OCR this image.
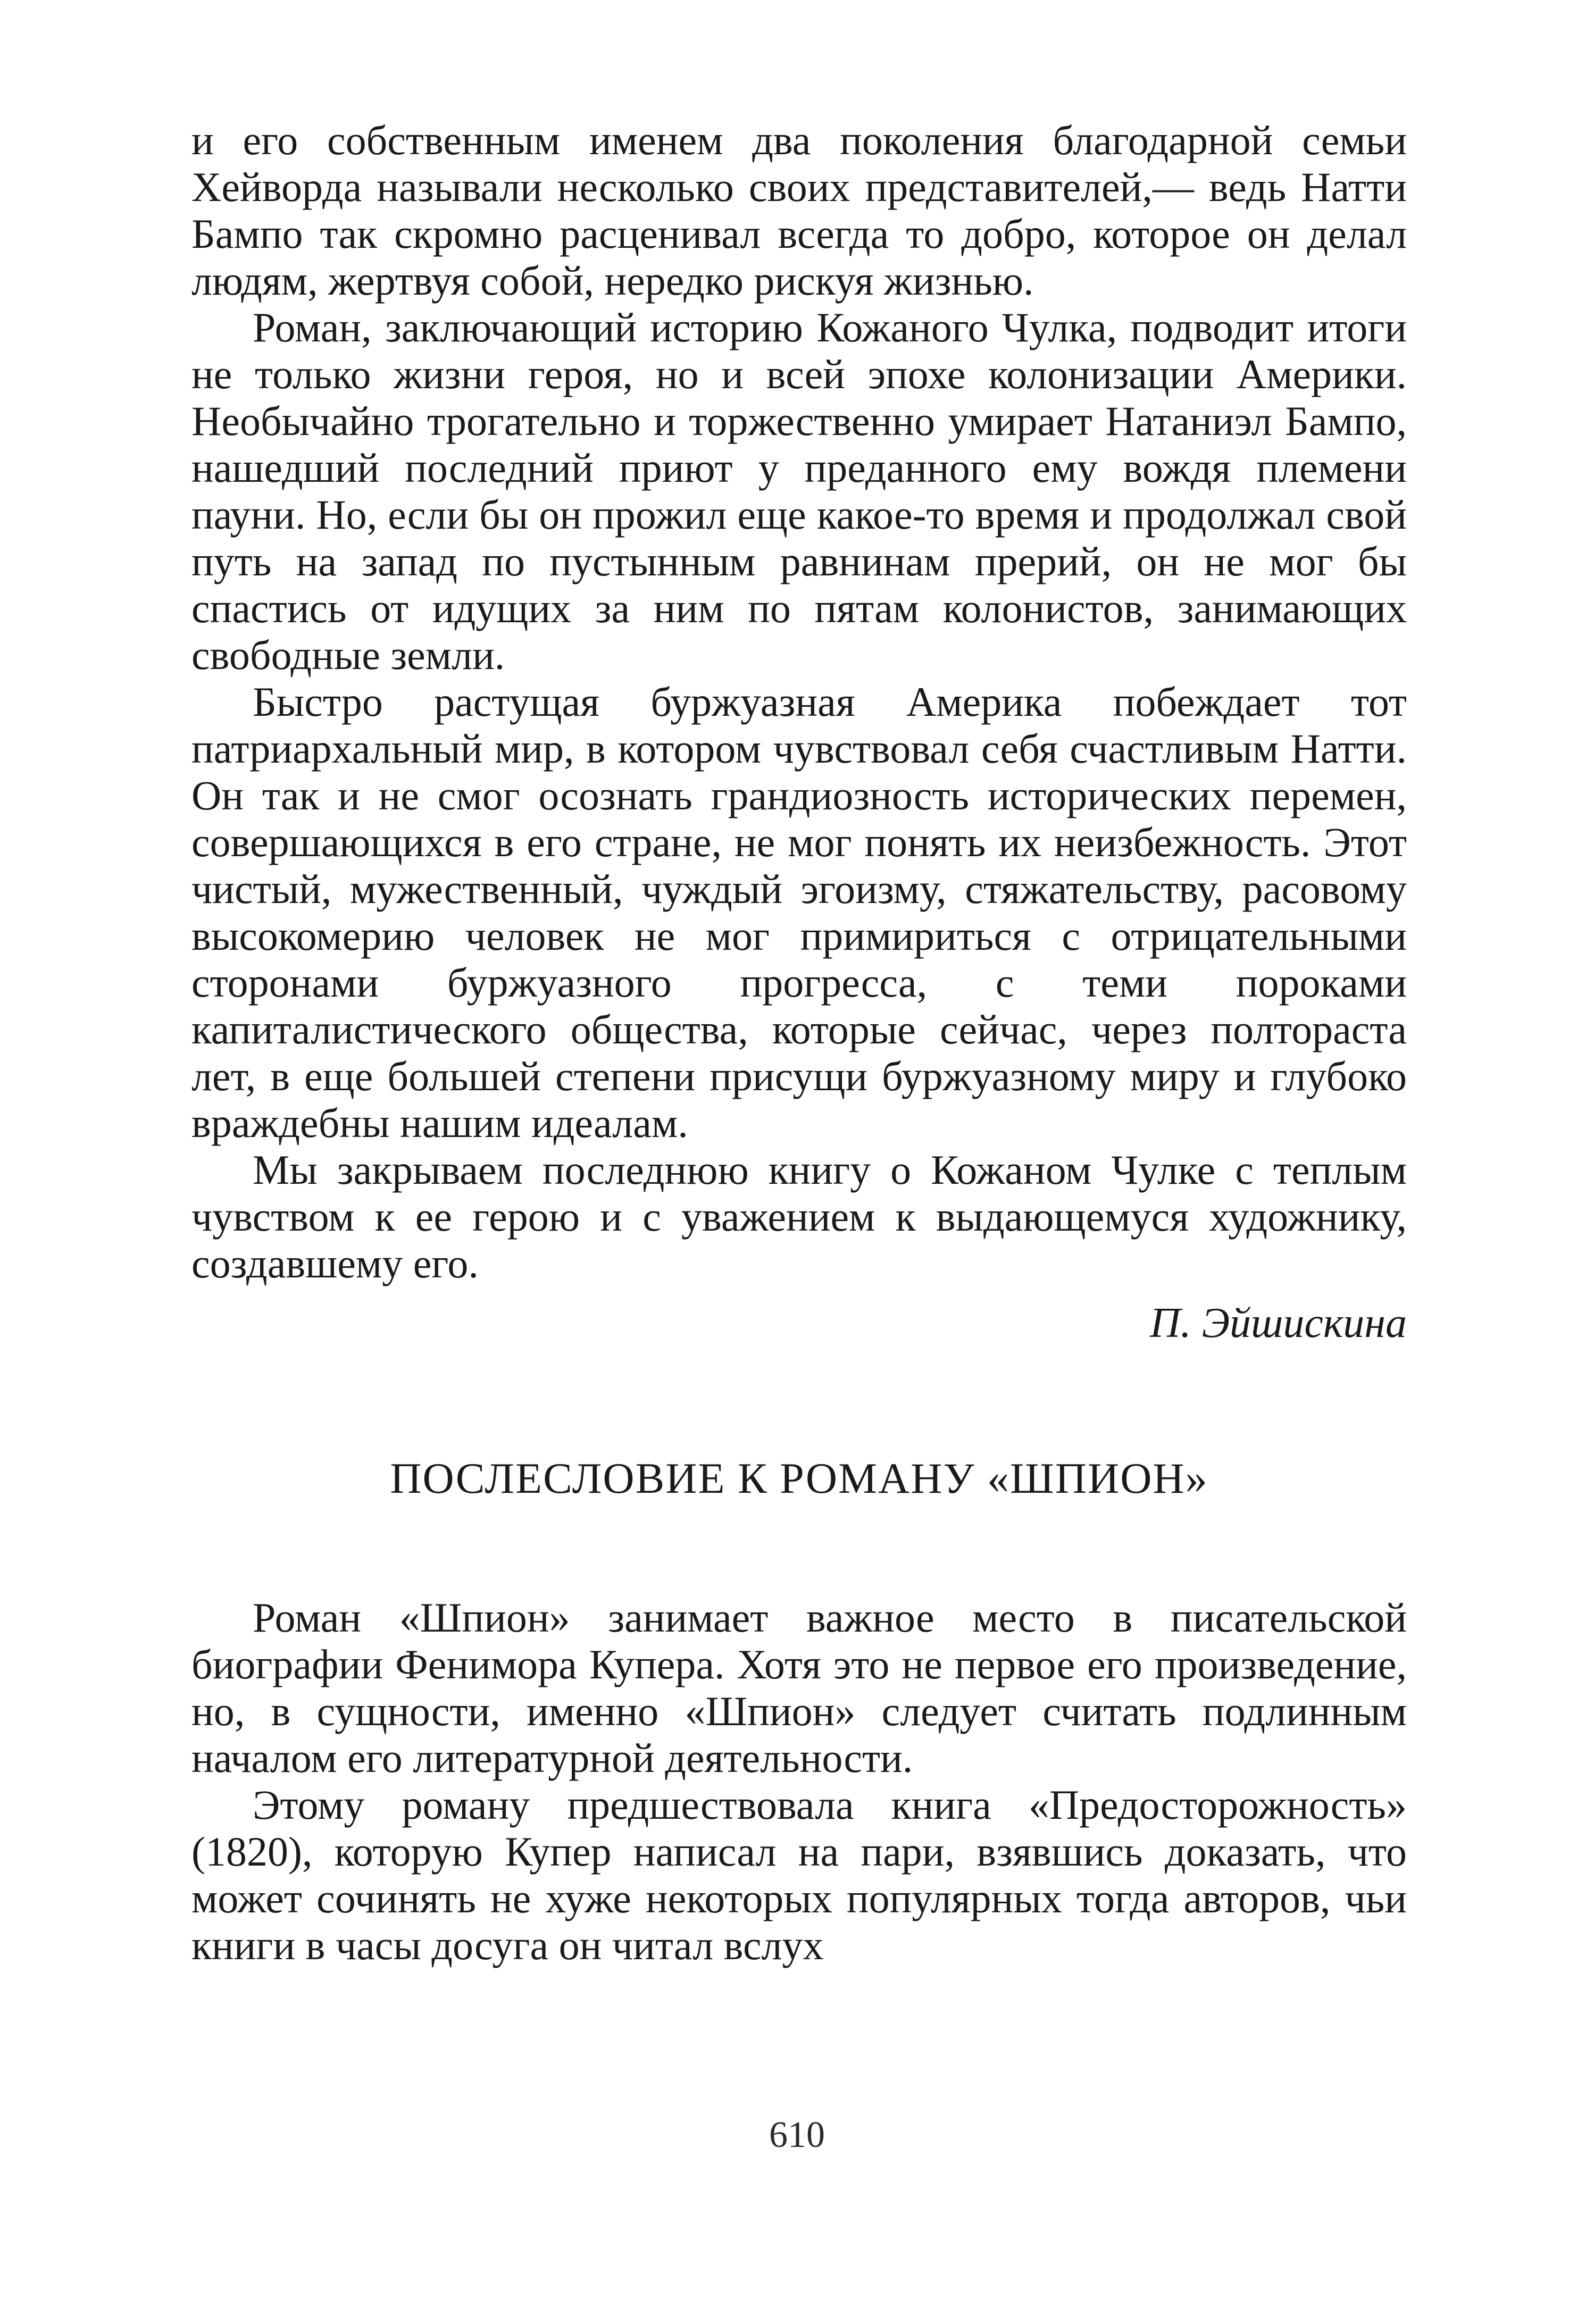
и его собственным именем два поколения благодарной семьи Хейворда называли несколько своих представителей,— ведь Натти Бампо так скромно расценивал всегда то добро, которое он делал людям, жертвуя собой, нередко рискуя жизнью.

Роман, заключающий историю Кожаного Чулка, подводит итоги не только жизни героя, но и всей эпохе колонизации Америки. Необычайно трогательно и торжественно умирает Натаниэл Бампо, нашедший последний приют у преданного ему вождя племени пауни. Но, если бы он прожил еще какое-то время и продолжал свой путь на запад по пустынным равнинам прерий, он не мог бы спастись от идущих за ним по пятам колонистов, занимающих свободные земли.

Быстро растущая буржуазная Америка побеждает тот патриархальный мир, в котором чувствовал себя счастливым Натти. Он так и не смог осознать грандиозность исторических перемен, совершающихся в его стране, не мог понять их неизбежность. Этот чистый, мужественный, чуждый эгоизму, стяжательству, расовому высокомерию человек не мог примириться с отрицательными сторонами буржуазного прогресса, с теми пороками капиталистического общества, которые сейчас, через полтораста лет, в еще большей степени присущи буржуазному миру и глубоко враждебны нашим идеалам.

Мы закрываем последнюю книгу о Кожаном Чулке с теплым чувством к ее герою и с уважением к выдающемуся художнику, создавшему его.

П. Эйшискина
ПОСЛЕСЛОВИЕ К РОМАНУ «ШПИОН»

Роман «Шпион» занимает важное место в писательской биографии Фенимора Купера. Хотя это не первое его произведение, но, в сущности, именно «Шпион» следует считать подлинным началом его литературной деятельности.

Этому роману предшествовала книга «Предосторожность» (1820), которую Купер написал на пари, взявшись доказать, что может сочинять не хуже некоторых популярных тогда авторов, чьи книги в часы досуга он читал вслух

610
